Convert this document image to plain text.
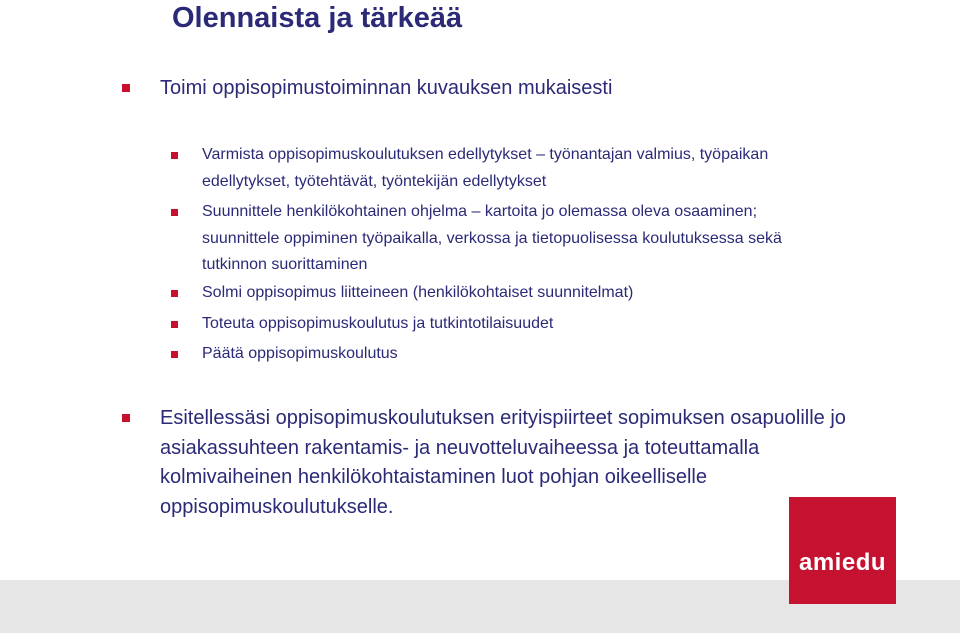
Olennaista ja tärkeää

Toimi oppisopimustoiminnan kuvauksen mukaisesti

Varmista oppisopimuskoulutuksen edellytykset – työnantajan valmius, työpaikan edellytykset, työtehtävät, työntekijän edellytykset

Suunnittele henkilökohtainen ohjelma – kartoita jo olemassa oleva osaaminen; suunnittele oppiminen työpaikalla, verkossa ja tietopuolisessa koulutuksessa sekä tutkinnon suorittaminen

Solmi oppisopimus liitteineen (henkilökohtaiset suunnitelmat)

Toteuta oppisopimuskoulutus ja tutkintotilaisuudet

Päätä oppisopimuskoulutus

Esitellessäsi oppisopimuskoulutuksen erityispiirteet sopimuksen osapuolille jo asiakassuhteen rakentamis- ja neuvotteluvaiheessa ja toteuttamalla kolmivaiheinen henkilökohtaistaminen luot pohjan oikeelliselle oppisopimuskoulutukselle.

amiedu
